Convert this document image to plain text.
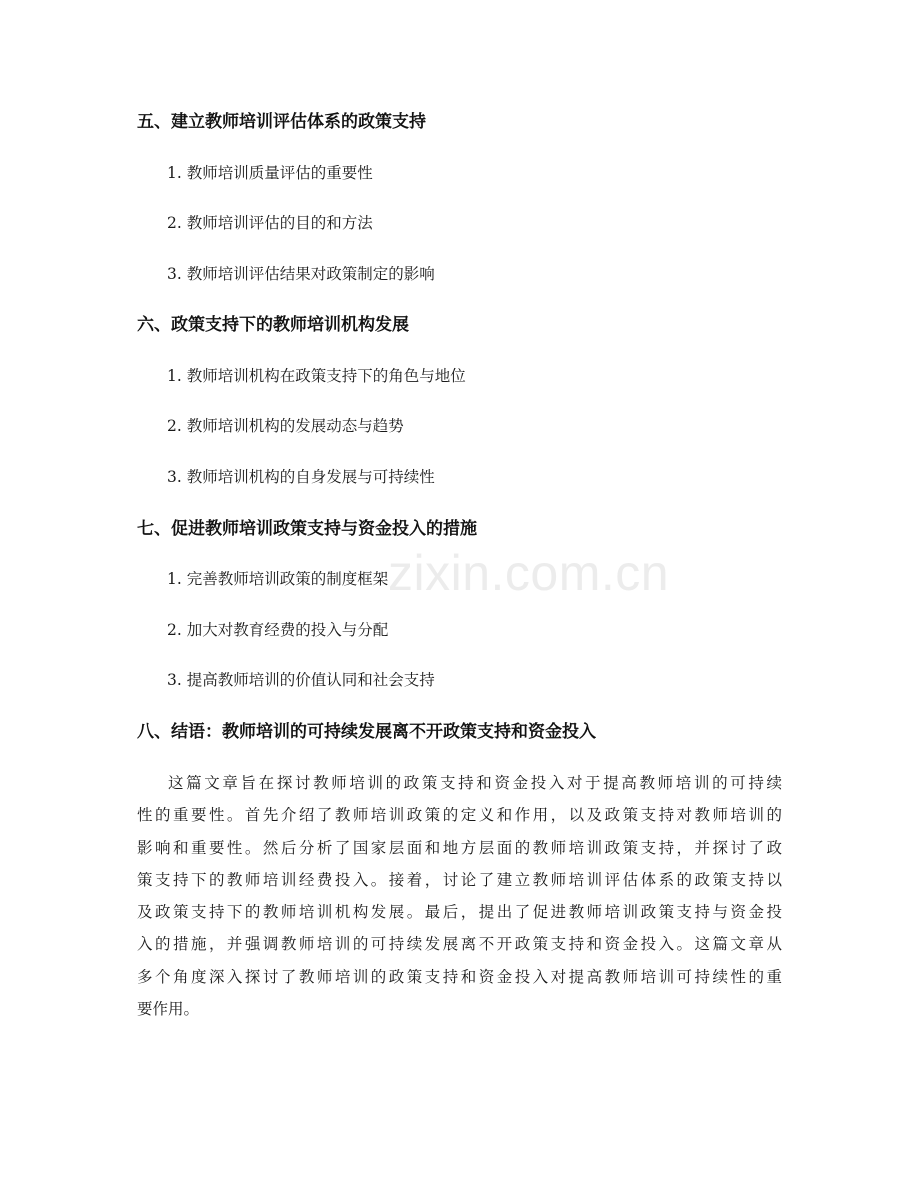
五、建立教师培训评估体系的政策支持
1. 教师培训质量评估的重要性
2. 教师培训评估的目的和方法
3. 教师培训评估结果对政策制定的影响
六、政策支持下的教师培训机构发展
1. 教师培训机构在政策支持下的角色与地位
2. 教师培训机构的发展动态与趋势
3. 教师培训机构的自身发展与可持续性
七、促进教师培训政策支持与资金投入的措施
1. 完善教师培训政策的制度框架
2. 加大对教育经费的投入与分配
3. 提高教师培训的价值认同和社会支持
八、结语：教师培训的可持续发展离不开政策支持和资金投入

这篇文章旨在探讨教师培训的政策支持和资金投入对于提高教师培训的可持续
性的重要性。首先介绍了教师培训政策的定义和作用，以及政策支持对教师培训的
影响和重要性。然后分析了国家层面和地方层面的教师培训政策支持，并探讨了政
策支持下的教师培训经费投入。接着，讨论了建立教师培训评估体系的政策支持以
及政策支持下的教师培训机构发展。最后，提出了促进教师培训政策支持与资金投
入的措施，并强调教师培训的可持续发展离不开政策支持和资金投入。这篇文章从
多个角度深入探讨了教师培训的政策支持和资金投入对提高教师培训可持续性的重
要作用。

zixin.com.cn
